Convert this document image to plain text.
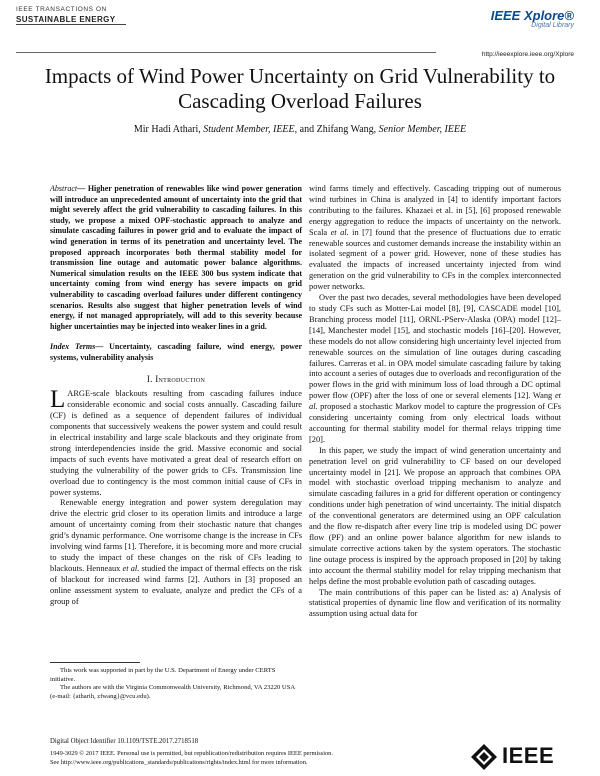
IEEE TRANSACTIONS ON
SUSTAINABLE ENERGY	IEEE Xplore®
Digital Library
http://ieeexplore.ieee.org/Xplore
Impacts of Wind Power Uncertainty on Grid Vulnerability to Cascading Overload Failures
Mir Hadi Athari, Student Member, IEEE, and Zhifang Wang, Senior Member, IEEE
Abstract— Higher penetration of renewables like wind power generation will introduce an unprecedented amount of uncertainty into the grid that might severely affect the grid vulnerability to cascading failures. In this study, we propose a mixed OPF-stochastic approach to analyze and simulate cascading failures in power grid and to evaluate the impact of wind generation in terms of its penetration and uncertainty level. The proposed approach incorporates both thermal stability model for transmission line outage and automatic power balance algorithms. Numerical simulation results on the IEEE 300 bus system indicate that uncertainty coming from wind energy has severe impacts on grid vulnerability to cascading overload failures under different contingency scenarios. Results also suggest that higher penetration levels of wind energy, if not managed appropriately, will add to this severity because higher uncertainties may be injected into weaker lines in a grid.
Index Terms— Uncertainty, cascading failure, wind energy, power systems, vulnerability analysis
I. Introduction

LARGE-scale blackouts resulting from cascading failures induce considerable economic and social costs annually. Cascading failure (CF) is defined as a sequence of dependent failures of individual components that successively weakens the power system and could result in electrical instability and large scale blackouts and they originate from strong interdependencies inside the grid. Massive economic and social impacts of such events have motivated a great deal of research effort on studying the vulnerability of the power grids to CFs. Transmission line overload due to contingency is the most common initial cause of CFs in power systems.

Renewable energy integration and power system deregulation may drive the electric grid closer to its operation limits and introduce a large amount of uncertainty coming from their stochastic nature that changes grid’s dynamic performance. One worrisome change is the increase in CFs involving wind farms [1]. Therefore, it is becoming more and more crucial to study the impact of these changes on the risk of CFs leading to blackouts. Henneaux et al. studied the impact of thermal effects on the risk of blackout for increased wind farms [2]. Authors in [3] proposed an online assessment system to evaluate, analyze and predict the CFs of a group of

wind farms timely and effectively. Cascading tripping out of numerous wind turbines in China is analyzed in [4] to identify important factors contributing to the failures. Khazaei et al. in [5], [6] proposed renewable energy aggregation to reduce the impacts of uncertainty on the network. Scala et al. in [7] found that the presence of fluctuations due to erratic renewable sources and customer demands increase the instability within an isolated segment of a power grid. However, none of these studies has evaluated the impacts of increased uncertainty injected from wind generation on the grid vulnerability to CFs in the complex interconnected power networks.

Over the past two decades, several methodologies have been developed to study CFs such as Motter-Lai model [8], [9], CASCADE model [10], Branching process model [11], ORNL-PServ-Alaska (OPA) model [12]–[14], Manchester model [15], and stochastic models [16]–[20]. However, these models do not allow considering high uncertainty level injected from renewable sources on the simulation of line outages during cascading failures. Carreras et al. in OPA model simulate cascading failure by taking into account a series of outages due to overloads and reconfiguration of the power flows in the grid with minimum loss of load through a DC optimal power flow (OPF) after the loss of one or several elements [12]. Wang et al. proposed a stochastic Markov model to capture the progression of CFs considering uncertainty coming from only electrical loads without accounting for thermal stability model for thermal relays tripping time [20].

In this paper, we study the impact of wind generation uncertainty and penetration level on grid vulnerability to CF based on our developed uncertainty model in [21]. We propose an approach that combines OPA model with stochastic overload tripping mechanism to analyze and simulate cascading failures in a grid for different operation or contingency conditions under high penetration of wind uncertainty. The initial dispatch of the conventional generators are determined using an OPF calculation and the flow re-dispatch after every line trip is modeled using DC power flow (PF) and an online power balance algorithm for new islands to simulate corrective actions taken by the system operators. The stochastic line outage process is inspired by the approach proposed in [20] by taking into account the thermal stability model for relay tripping mechanism that helps define the most probable evolution path of cascading outages.

The main contributions of this paper can be listed as: a) Analysis of statistical properties of dynamic line flow and verification of its normality assumption using actual data for

This work was supported in part by the U.S. Department of Energy under CERTS initiative.
The authors are with the Virginia Commonwealth University, Richmond, VA 23220 USA (e-mail: {atharih, zfwang}@vcu.edu).
Digital Object Identifier 10.1109/TSTE.2017.2718518
1949-3029 © 2017 IEEE. Personal use is permitted, but republication/redistribution requires IEEE permission.
See http://www.ieee.org/publications_standards/publications/rights/index.html for more information.	IEEE
